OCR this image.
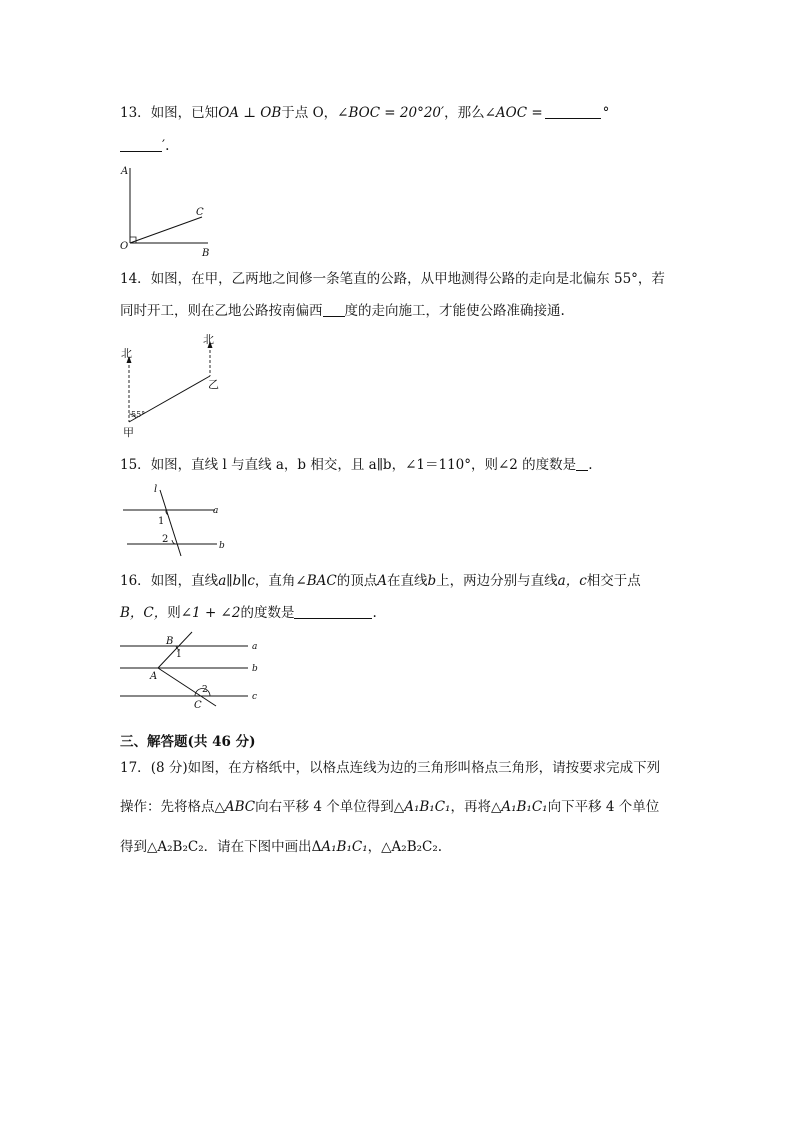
13．如图，已知OA ⊥ OB于点 O，∠BOC = 20°20′，那么∠AOC =	°
′.
A
C
O
B
14．如图，在甲，乙两地之间修一条笔直的公路，从甲地测得公路的走向是北偏东 55°，若
同时开工，则在乙地公路按南偏西 度的走向施工，才能使公路准确接通.
北
北
乙
55°
甲
15．如图，直线 l 与直线 a，b 相交，且 a∥b，∠1＝110°，则∠2 的度数是 .
l
1
a
2
b
16．如图，直线a∥b∥c，直角∠BAC的顶点A在直线b上，两边分别与直线a，c相交于点
B，C，则∠1 + ∠2的度数是	.
B
1
a
A
b
2
C
c
三、解答题(共 46 分)
17．(8 分)如图，在方格纸中，以格点连线为边的三角形叫格点三角形，请按要求完成下列
操作：先将格点△ABC向右平移 4 个单位得到△A₁B₁C₁，再将△A₁B₁C₁向下平移 4 个单位
得到△A₂B₂C₂．请在下图中画出ΔA₁B₁C₁，△A₂B₂C₂.
